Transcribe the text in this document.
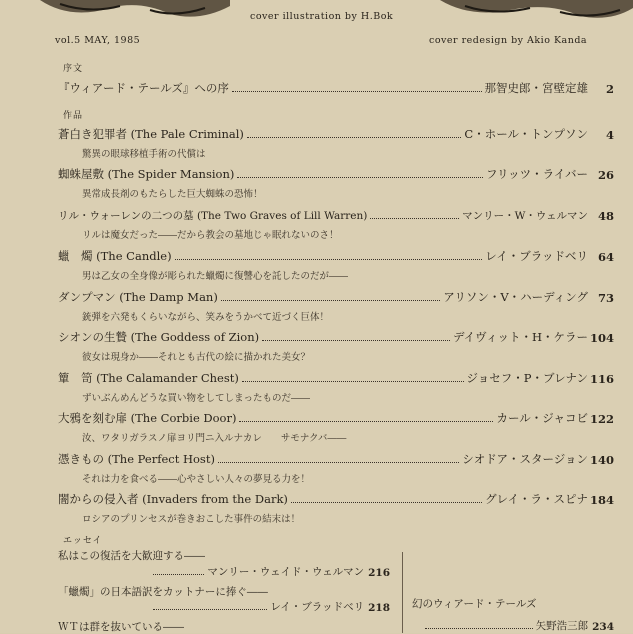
cover illustration by H.Bok
vol.5 MAY, 1985	cover redesign by Akio Kanda
序文
『ウィアード・テールズ』への序	那智史郎・宮壁定雄	2
作品
蒼白き犯罪者 (The Pale Criminal)	C・ホール・トンプソン	4
驚異の眼球移植手術の代償は
蜘蛛屋敷 (The Spider Mansion)	フリッツ・ライバー 26
異常成長剤のもたらした巨大蜘蛛の恐怖！
リル・ウォーレンの二つの墓 (The Two Graves of Lill Warren)	マンリー・W・ウェルマン 48
リルは魔女だった――だから教会の墓地じゃ眠れないのさ！
蠟　燭 (The Candle)	レイ・ブラッドベリ 64
男は乙女の全身像が彫られた蠟燭に復讐心を託したのだが――
ダンプマン (The Damp Man)	アリソン・V・ハーディング 73
銃弾を六発もくらいながら、笑みをうかべて近づく巨体！
シオンの生贄 (The Goddess of Zion)	デイヴィット・H・ケラー 104
彼女は現身か――それとも古代の絵に描かれた美女？
簞　笥 (The Calamander Chest)	ジョセフ・P・ブレナン 116
ずいぶんめんどうな買い物をしてしまったものだ――
大鴉を刻む扉 (The Corbie Door)	カール・ジャコビ 122
汝、ワタリガラスノ扉ヨリ門ニ入ルナカレ　　サモナクバ――
憑きもの (The Perfect Host)	シオドア・スタージョン 140
それは力を食べる――心やさしい人々の夢見る力を！
闇からの侵入者 (Invaders from the Dark)	グレイ・ラ・スピナ 184
ロシアのプリンセスが巻きおこした事件の結末は！
エッセイ
私はこの復活を大歓迎する――
マンリー・ウェイド・ウェルマン 216
「蠟燭」の日本語訳をカットナーに捧ぐ――
レイ・ブラッドベリ 218
ＷＴは群を抜いている――
幻のウィアード・テールズ
矢野浩三郎 234
